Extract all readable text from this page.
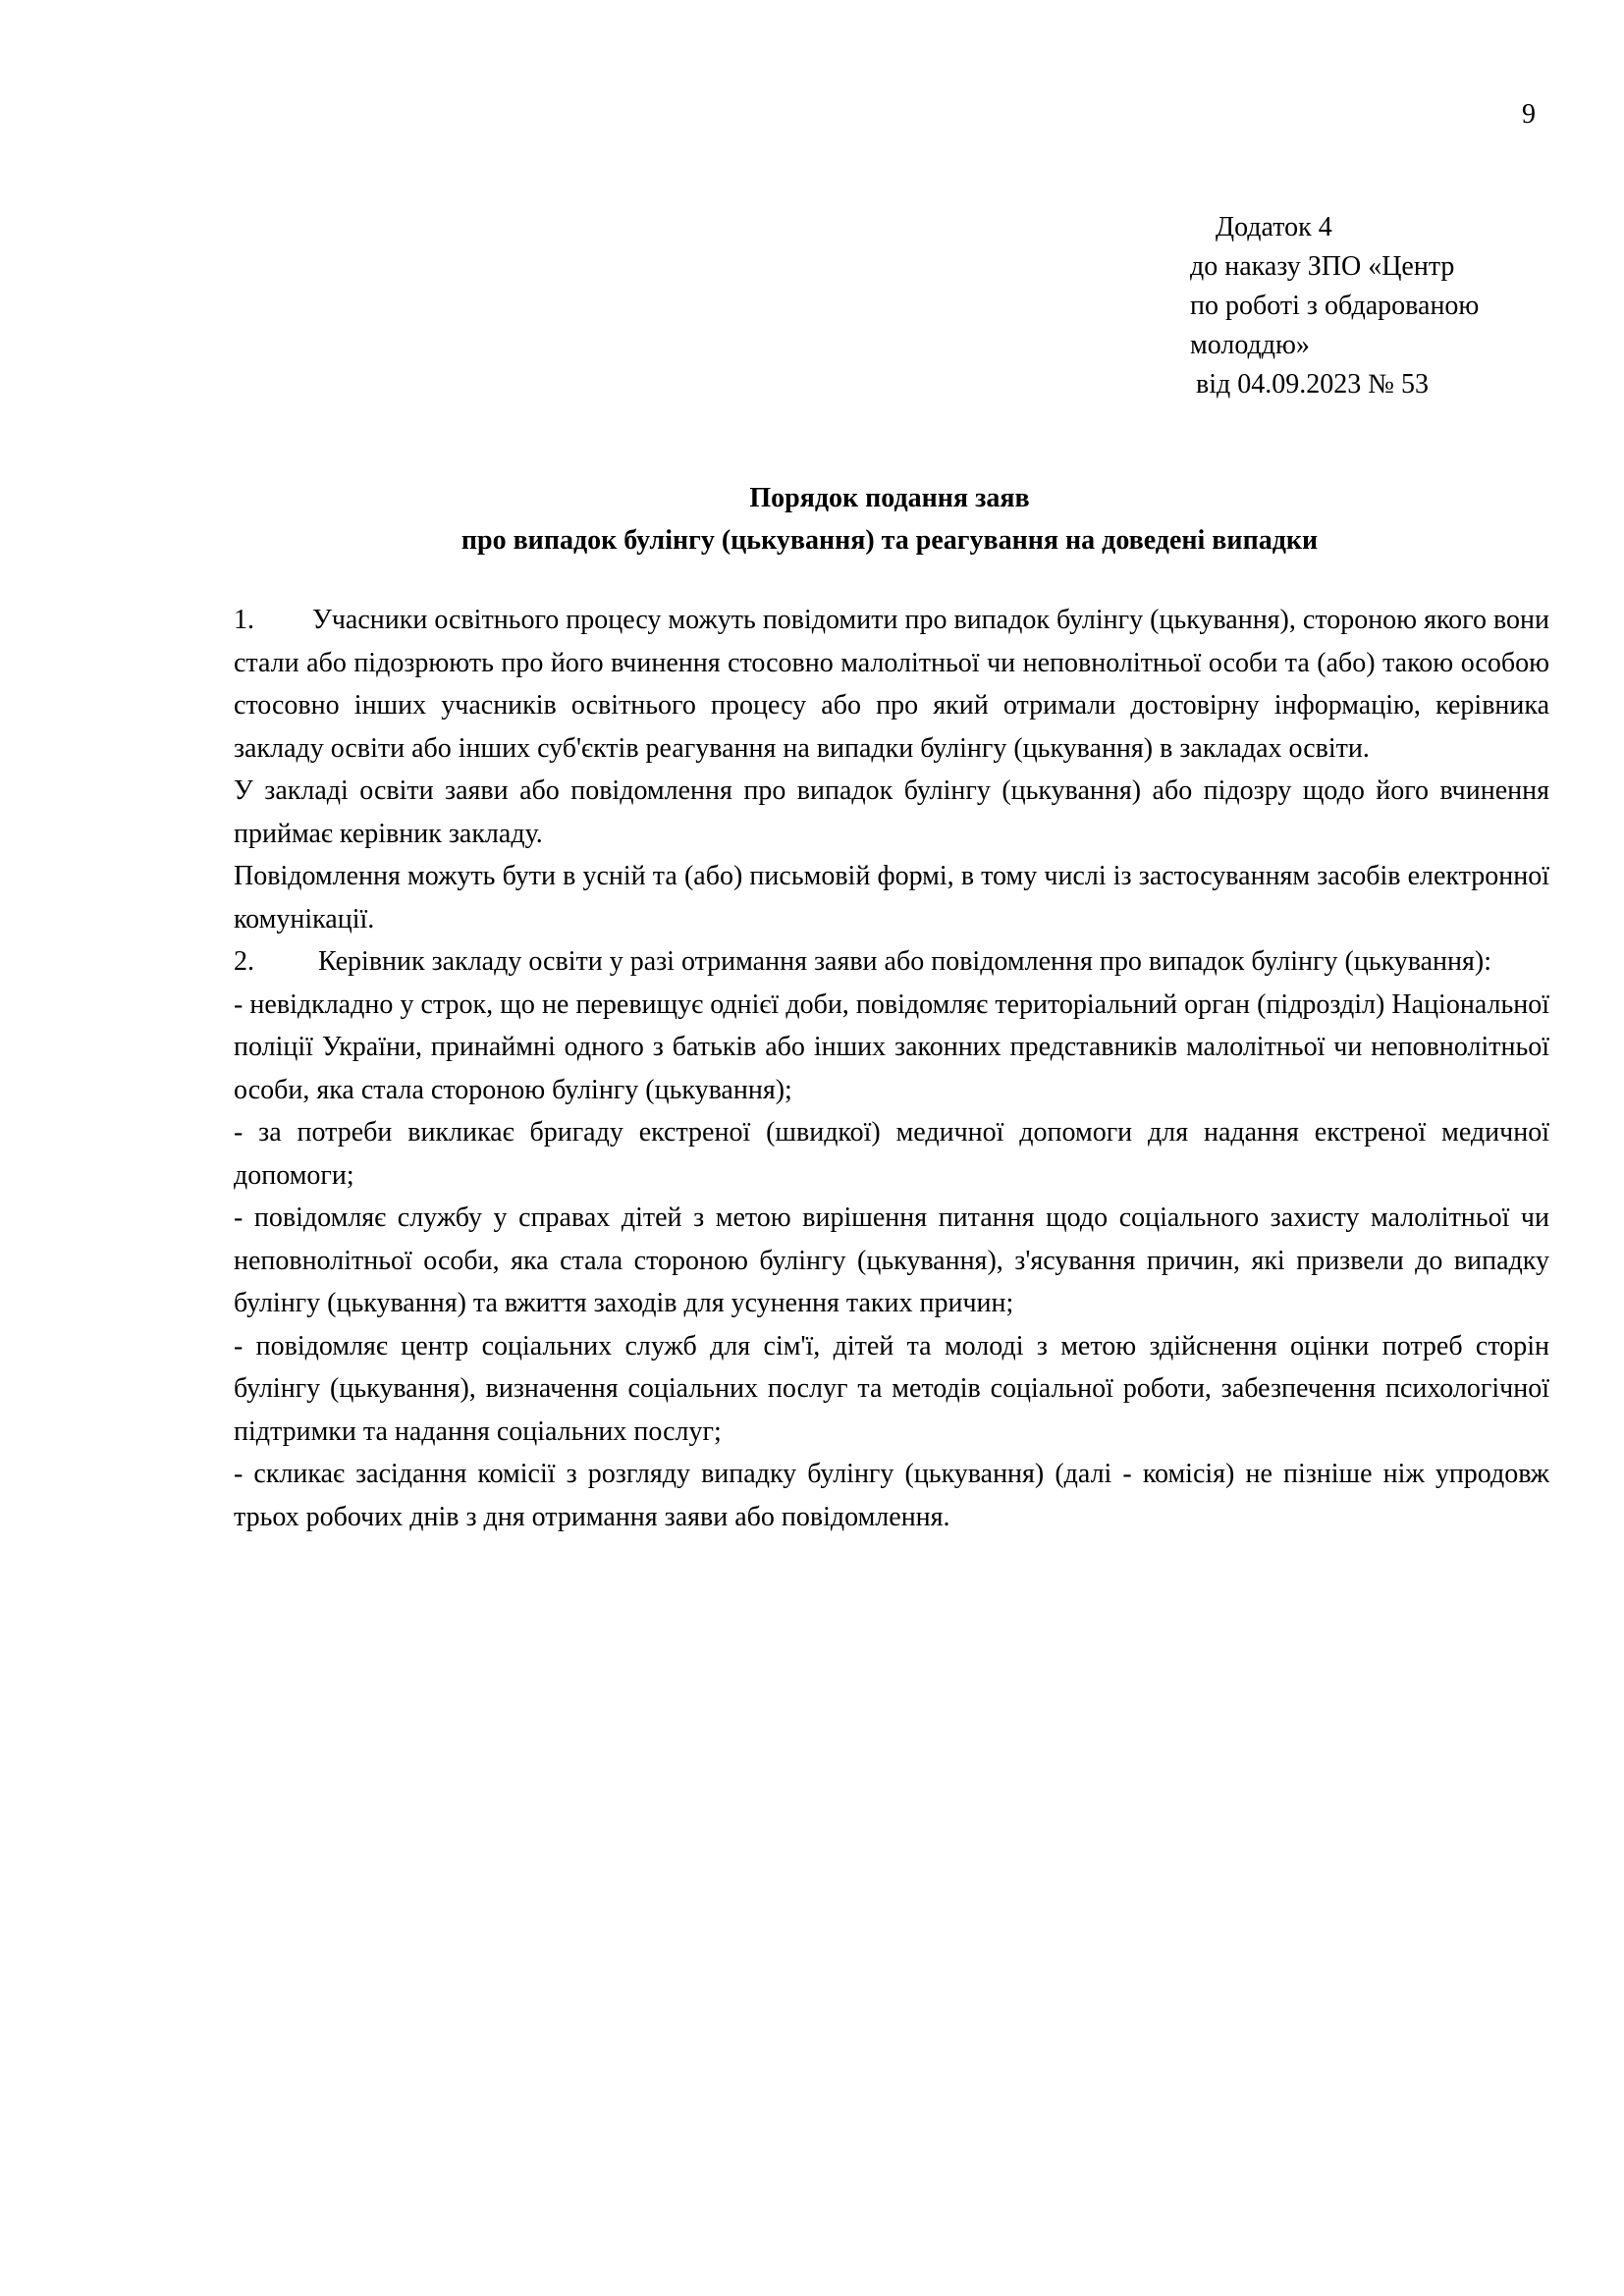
9
Додаток 4
до наказу ЗПО «Центр
по роботі з обдарованою
молоддю»
від 04.09.2023 № 53
Порядок подання заяв
про випадок булінгу (цькування) та реагування на доведені випадки

1. Учасники освітнього процесу можуть повідомити про випадок булінгу (цькування), стороною якого вони стали або підозрюють про його вчинення стосовно малолітньої чи неповнолітньої особи та (або) такою особою стосовно інших учасників освітнього процесу або про який отримали достовірну інформацію, керівника закладу освіти або інших суб'єктів реагування на випадки булінгу (цькування) в закладах освіти.

У закладі освіти заяви або повідомлення про випадок булінгу (цькування) або підозру щодо його вчинення приймає керівник закладу.

Повідомлення можуть бути в усній та (або) письмовій формі, в тому числі із застосуванням засобів електронної комунікації.

2. Керівник закладу освіти у разі отримання заяви або повідомлення про випадок булінгу (цькування):

- невідкладно у строк, що не перевищує однієї доби, повідомляє територіальний орган (підрозділ) Національної поліції України, принаймні одного з батьків або інших законних представників малолітньої чи неповнолітньої особи, яка стала стороною булінгу (цькування);

- за потреби викликає бригаду екстреної (швидкої) медичної допомоги для надання екстреної медичної допомоги;

- повідомляє службу у справах дітей з метою вирішення питання щодо соціального захисту малолітньої чи неповнолітньої особи, яка стала стороною булінгу (цькування), з'ясування причин, які призвели до випадку булінгу (цькування) та вжиття заходів для усунення таких причин;

- повідомляє центр соціальних служб для сім'ї, дітей та молоді з метою здійснення оцінки потреб сторін булінгу (цькування), визначення соціальних послуг та методів соціальної роботи, забезпечення психологічної підтримки та надання соціальних послуг;

- скликає засідання комісії з розгляду випадку булінгу (цькування) (далі - комісія) не пізніше ніж упродовж трьох робочих днів з дня отримання заяви або повідомлення.
